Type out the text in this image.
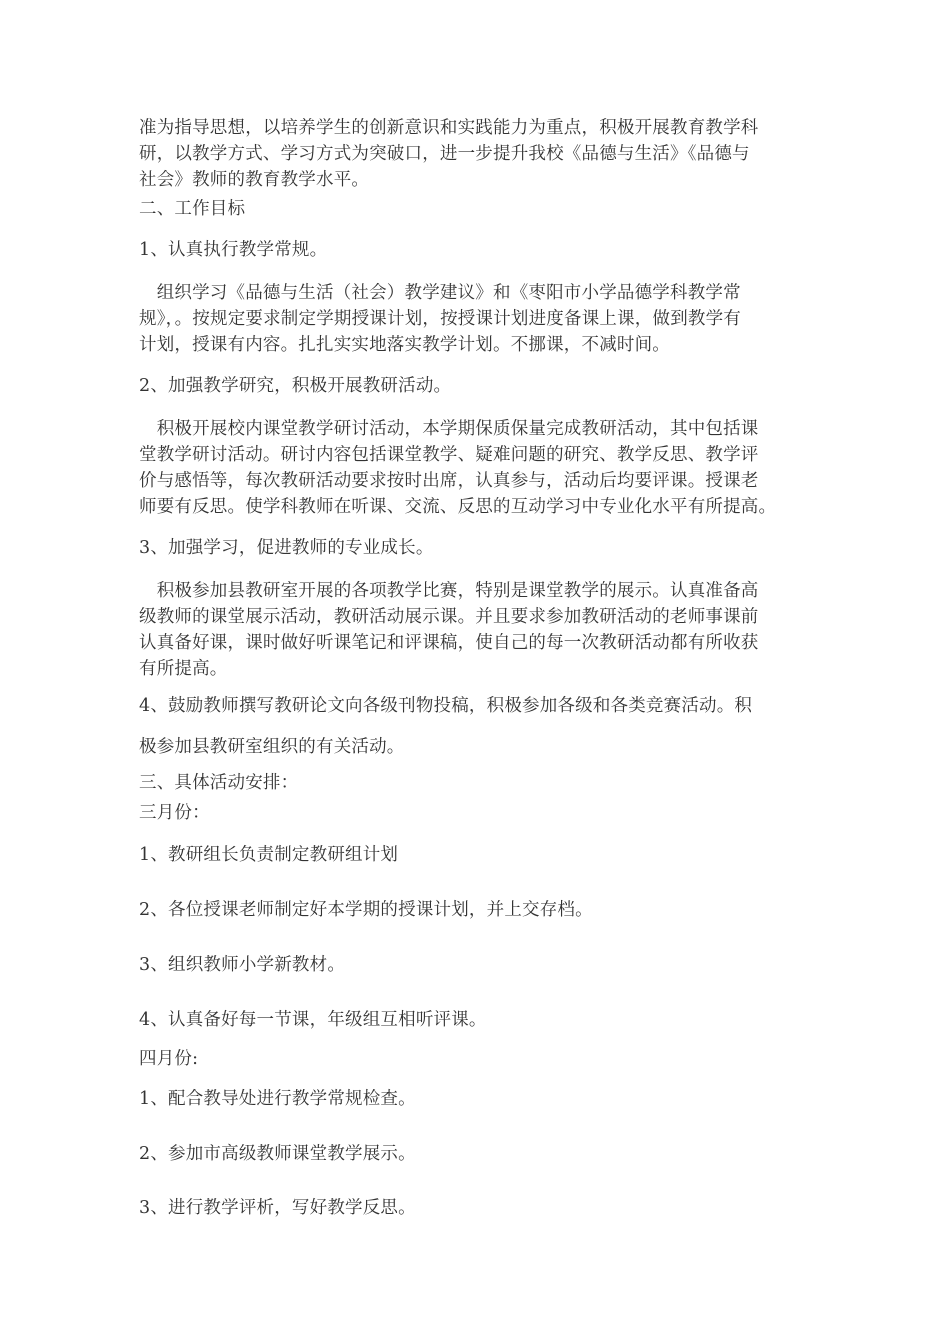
准为指导思想，以培养学生的创新意识和实践能力为重点，积极开展教育教学科
研，以教学方式、学习方式为突破口，进一步提升我校《品德与生活》《品德与
社会》教师的教育教学水平。
二、工作目标
1、认真执行教学常规。
　组织学习《品德与生活（社会）教学建议》和《枣阳市小学品德学科教学常
规》，。按规定要求制定学期授课计划，按授课计划进度备课上课，做到教学有
计划，授课有内容。扎扎实实地落实教学计划。不挪课，不减时间。
2、加强教学研究，积极开展教研活动。
　积极开展校内课堂教学研讨活动，本学期保质保量完成教研活动，其中包括课
堂教学研讨活动。研讨内容包括课堂教学、疑难问题的研究、教学反思、教学评
价与感悟等，每次教研活动要求按时出席，认真参与，活动后均要评课。授课老
师要有反思。使学科教师在听课、交流、反思的互动学习中专业化水平有所提高。
3、加强学习，促进教师的专业成长。
　积极参加县教研室开展的各项教学比赛，特别是课堂教学的展示。认真准备高
级教师的课堂展示活动，教研活动展示课。并且要求参加教研活动的老师事课前
认真备好课，课时做好听课笔记和评课稿，使自己的每一次教研活动都有所收获
有所提高。
4、鼓励教师撰写教研论文向各级刊物投稿，积极参加各级和各类竞赛活动。积
极参加县教研室组织的有关活动。
三、具体活动安排：
三月份：
1、教研组长负责制定教研组计划
2、各位授课老师制定好本学期的授课计划，并上交存档。
3、组织教师小学新教材。
4、认真备好每一节课，年级组互相听评课。
四月份:
1、配合教导处进行教学常规检查。
2、参加市高级教师课堂教学展示。
3、进行教学评析，写好教学反思。
